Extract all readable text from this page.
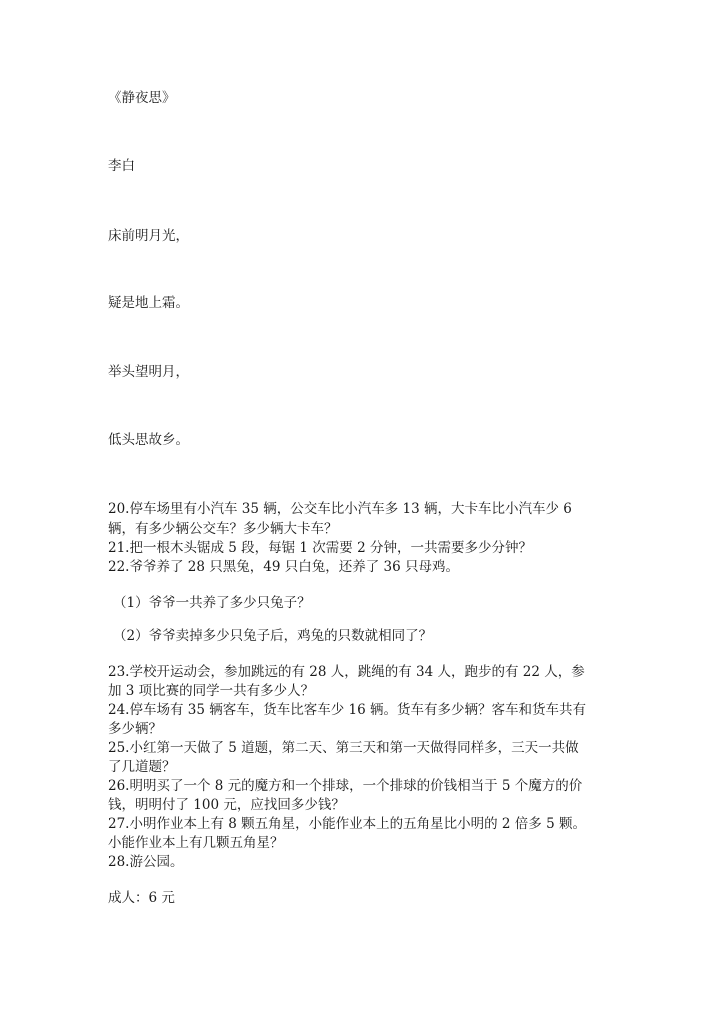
《静夜思》
李白
床前明月光，
疑是地上霜。
举头望明月，
低头思故乡。
20.停车场里有小汽车 35 辆，公交车比小汽车多 13 辆，大卡车比小汽车少 6
辆，有多少辆公交车？多少辆大卡车？
21.把一根木头锯成 5 段，每锯 1 次需要 2 分钟，一共需要多少分钟？
22.爷爷养了 28 只黑兔，49 只白兔，还养了 36 只母鸡。
（1）爷爷一共养了多少只兔子？
（2）爷爷卖掉多少只兔子后，鸡兔的只数就相同了？
23.学校开运动会，参加跳远的有 28 人，跳绳的有 34 人，跑步的有 22 人，参
加 3 项比赛的同学一共有多少人？
24.停车场有 35 辆客车，货车比客车少 16 辆。货车有多少辆？客车和货车共有
多少辆？
25.小红第一天做了 5 道题，第二天、第三天和第一天做得同样多，三天一共做
了几道题？
26.明明买了一个 8 元的魔方和一个排球，一个排球的价钱相当于 5 个魔方的价
钱，明明付了 100 元，应找回多少钱？
27.小明作业本上有 8 颗五角星，小能作业本上的五角星比小明的 2 倍多 5 颗。
小能作业本上有几颗五角星？
28.游公园。
成人：6 元
